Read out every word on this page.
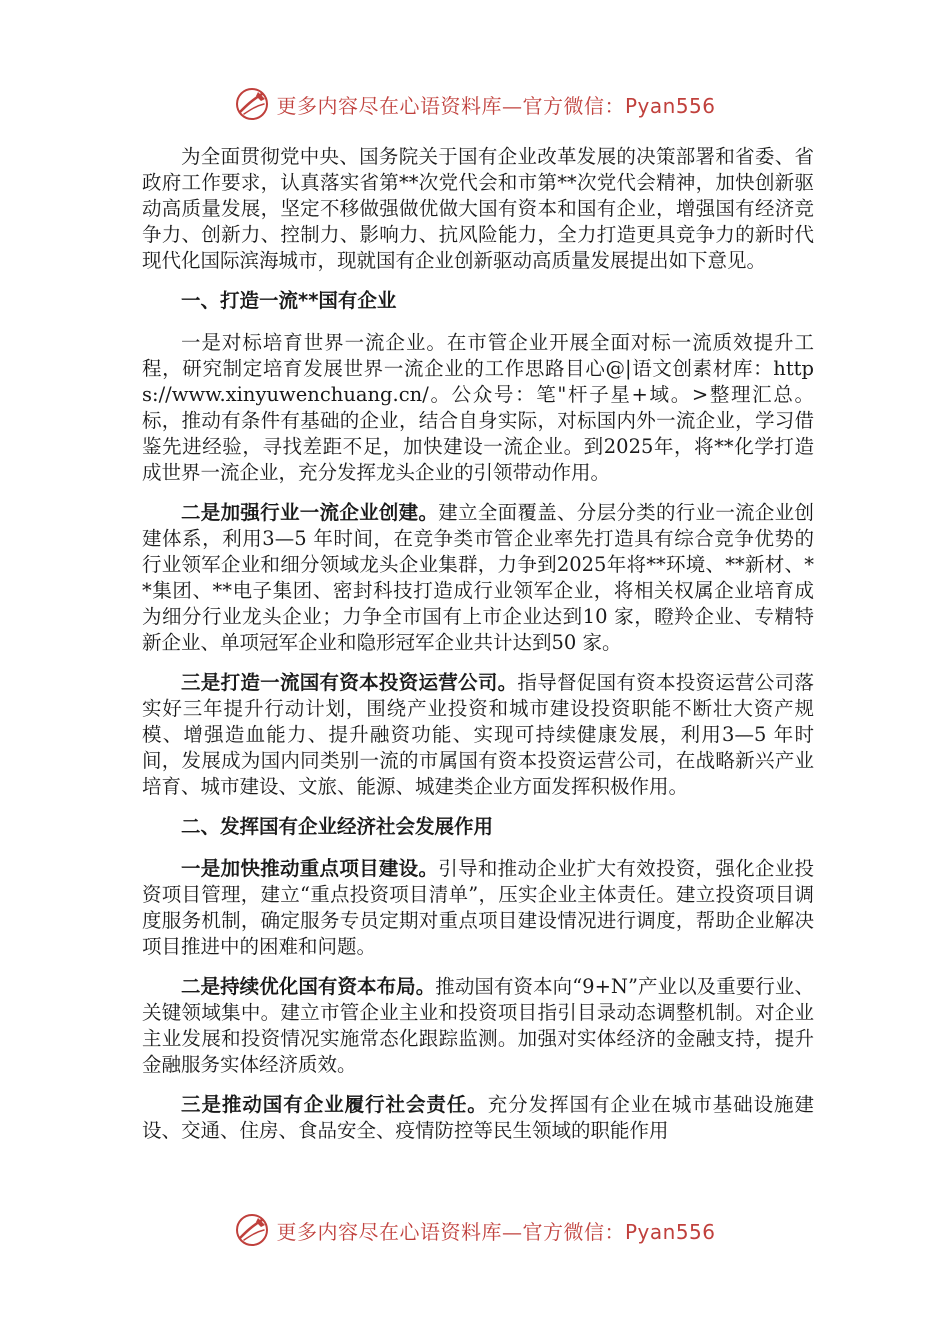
更多内容尽在心语资料库—官方微信：Pyan556

为全面贯彻党中央、国务院关于国有企业改革发展的决策部署和省委、省政府工作要求，认真落实省第**次党代会和市第**次党代会精神，加快创新驱动高质量发展，坚定不移做强做优做大国有资本和国有企业，增强国有经济竞争力、创新力、控制力、影响力、抗风险能力，全力打造更具竞争力的新时代现代化国际滨海城市，现就国有企业创新驱动高质量发展提出如下意见。

一、打造一流**国有企业

一是对标培育世界一流企业。在市管企业开展全面对标一流质效提升工程，研究制定培育发展世界一流企业的工作思路目心@|语文创素材库：https://www.xinyuwenchuang.cn/。公众号：笔"杆子星+域。>整理汇总。标，推动有条件有基础的企业，结合自身实际，对标国内外一流企业，学习借鉴先进经验，寻找差距不足，加快建设一流企业。到2025年，将**化学打造成世界一流企业，充分发挥龙头企业的引领带动作用。

二是加强行业一流企业创建。建立全面覆盖、分层分类的行业一流企业创建体系，利用3—5 年时间，在竞争类市管企业率先打造具有综合竞争优势的行业领军企业和细分领域龙头企业集群，力争到2025年将**环境、**新材、**集团、**电子集团、密封科技打造成行业领军企业，将相关权属企业培育成为细分行业龙头企业；力争全市国有上市企业达到10 家，瞪羚企业、专精特新企业、单项冠军企业和隐形冠军企业共计达到50 家。

三是打造一流国有资本投资运营公司。指导督促国有资本投资运营公司落实好三年提升行动计划，围绕产业投资和城市建设投资职能不断壮大资产规模、增强造血能力、提升融资功能、实现可持续健康发展，利用3—5 年时间，发展成为国内同类别一流的市属国有资本投资运营公司，在战略新兴产业培育、城市建设、文旅、能源、城建类企业方面发挥积极作用。

二、发挥国有企业经济社会发展作用

一是加快推动重点项目建设。引导和推动企业扩大有效投资，强化企业投资项目管理，建立“重点投资项目清单”，压实企业主体责任。建立投资项目调度服务机制，确定服务专员定期对重点项目建设情况进行调度，帮助企业解决项目推进中的困难和问题。

二是持续优化国有资本布局。推动国有资本向“9+N”产业以及重要行业、关键领域集中。建立市管企业主业和投资项目指引目录动态调整机制。对企业主业发展和投资情况实施常态化跟踪监测。加强对实体经济的金融支持，提升金融服务实体经济质效。

三是推动国有企业履行社会责任。充分发挥国有企业在城市基础设施建设、交通、住房、食品安全、疫情防控等民生领域的职能作用

更多内容尽在心语资料库—官方微信：Pyan556
